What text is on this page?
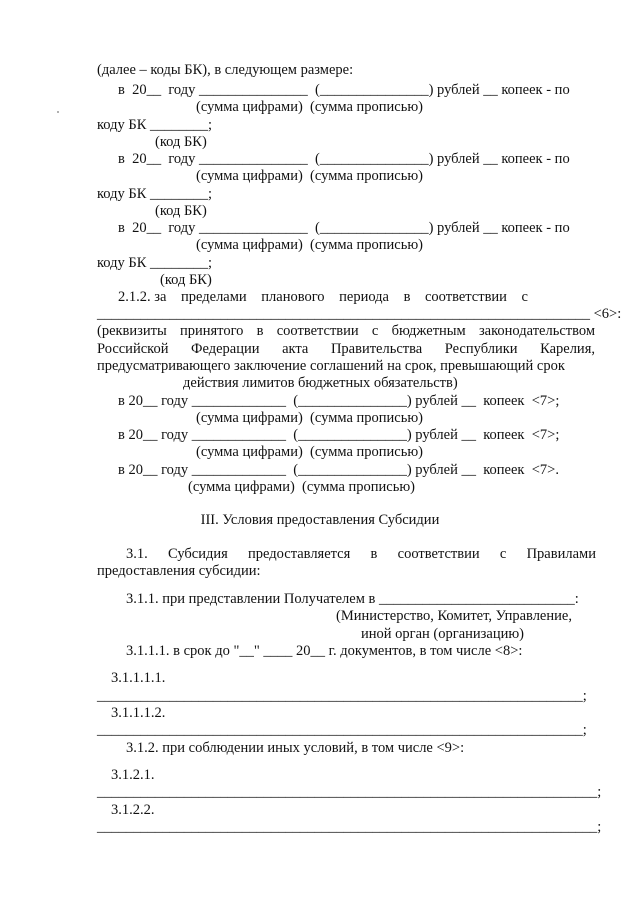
(далее – коды БК), в следующем размере:
в  20__  году _______________  (_______________) рублей __ копеек - по
(сумма цифрами)  (сумма прописью)
коду БК ________;
(код БК)
в  20__  году _______________  (_______________) рублей __ копеек - по
(сумма цифрами)  (сумма прописью)
коду БК ________;
(код БК)
в  20__  году _______________  (_______________) рублей __ копеек - по
(сумма цифрами)  (сумма прописью)
коду БК ________;
(код БК)
2.1.2. за пределами планового периода в соответствии с
____________________________________________________________________ <6>:
(реквизиты принятого в соответствии с бюджетным законодательством
Российской Федерации акта Правительства Республики Карелия,
предусматривающего заключение соглашений на срок, превышающий срок
действия лимитов бюджетных обязательств)
в 20__ году _____________  (_______________) рублей __  копеек  <7>;
(сумма цифрами)  (сумма прописью)
в 20__ году _____________  (_______________) рублей __  копеек  <7>;
(сумма цифрами)  (сумма прописью)
в 20__ году _____________  (_______________) рублей __  копеек  <7>.
(сумма цифрами)  (сумма прописью)
III. Условия предоставления Субсидии
3.1. Субсидия предоставляется в соответствии с Правилами
предоставления субсидии:
3.1.1. при представлении Получателем в ___________________________:
(Министерство, Комитет, Управление,
иной орган (организацию)
3.1.1.1. в срок до "__" ____ 20__ г. документов, в том числе <8>:
3.1.1.1.1.
___________________________________________________________________;
3.1.1.1.2.
___________________________________________________________________;
3.1.2. при соблюдении иных условий, в том числе <9>:
3.1.2.1.
_____________________________________________________________________;
3.1.2.2.
_____________________________________________________________________;
